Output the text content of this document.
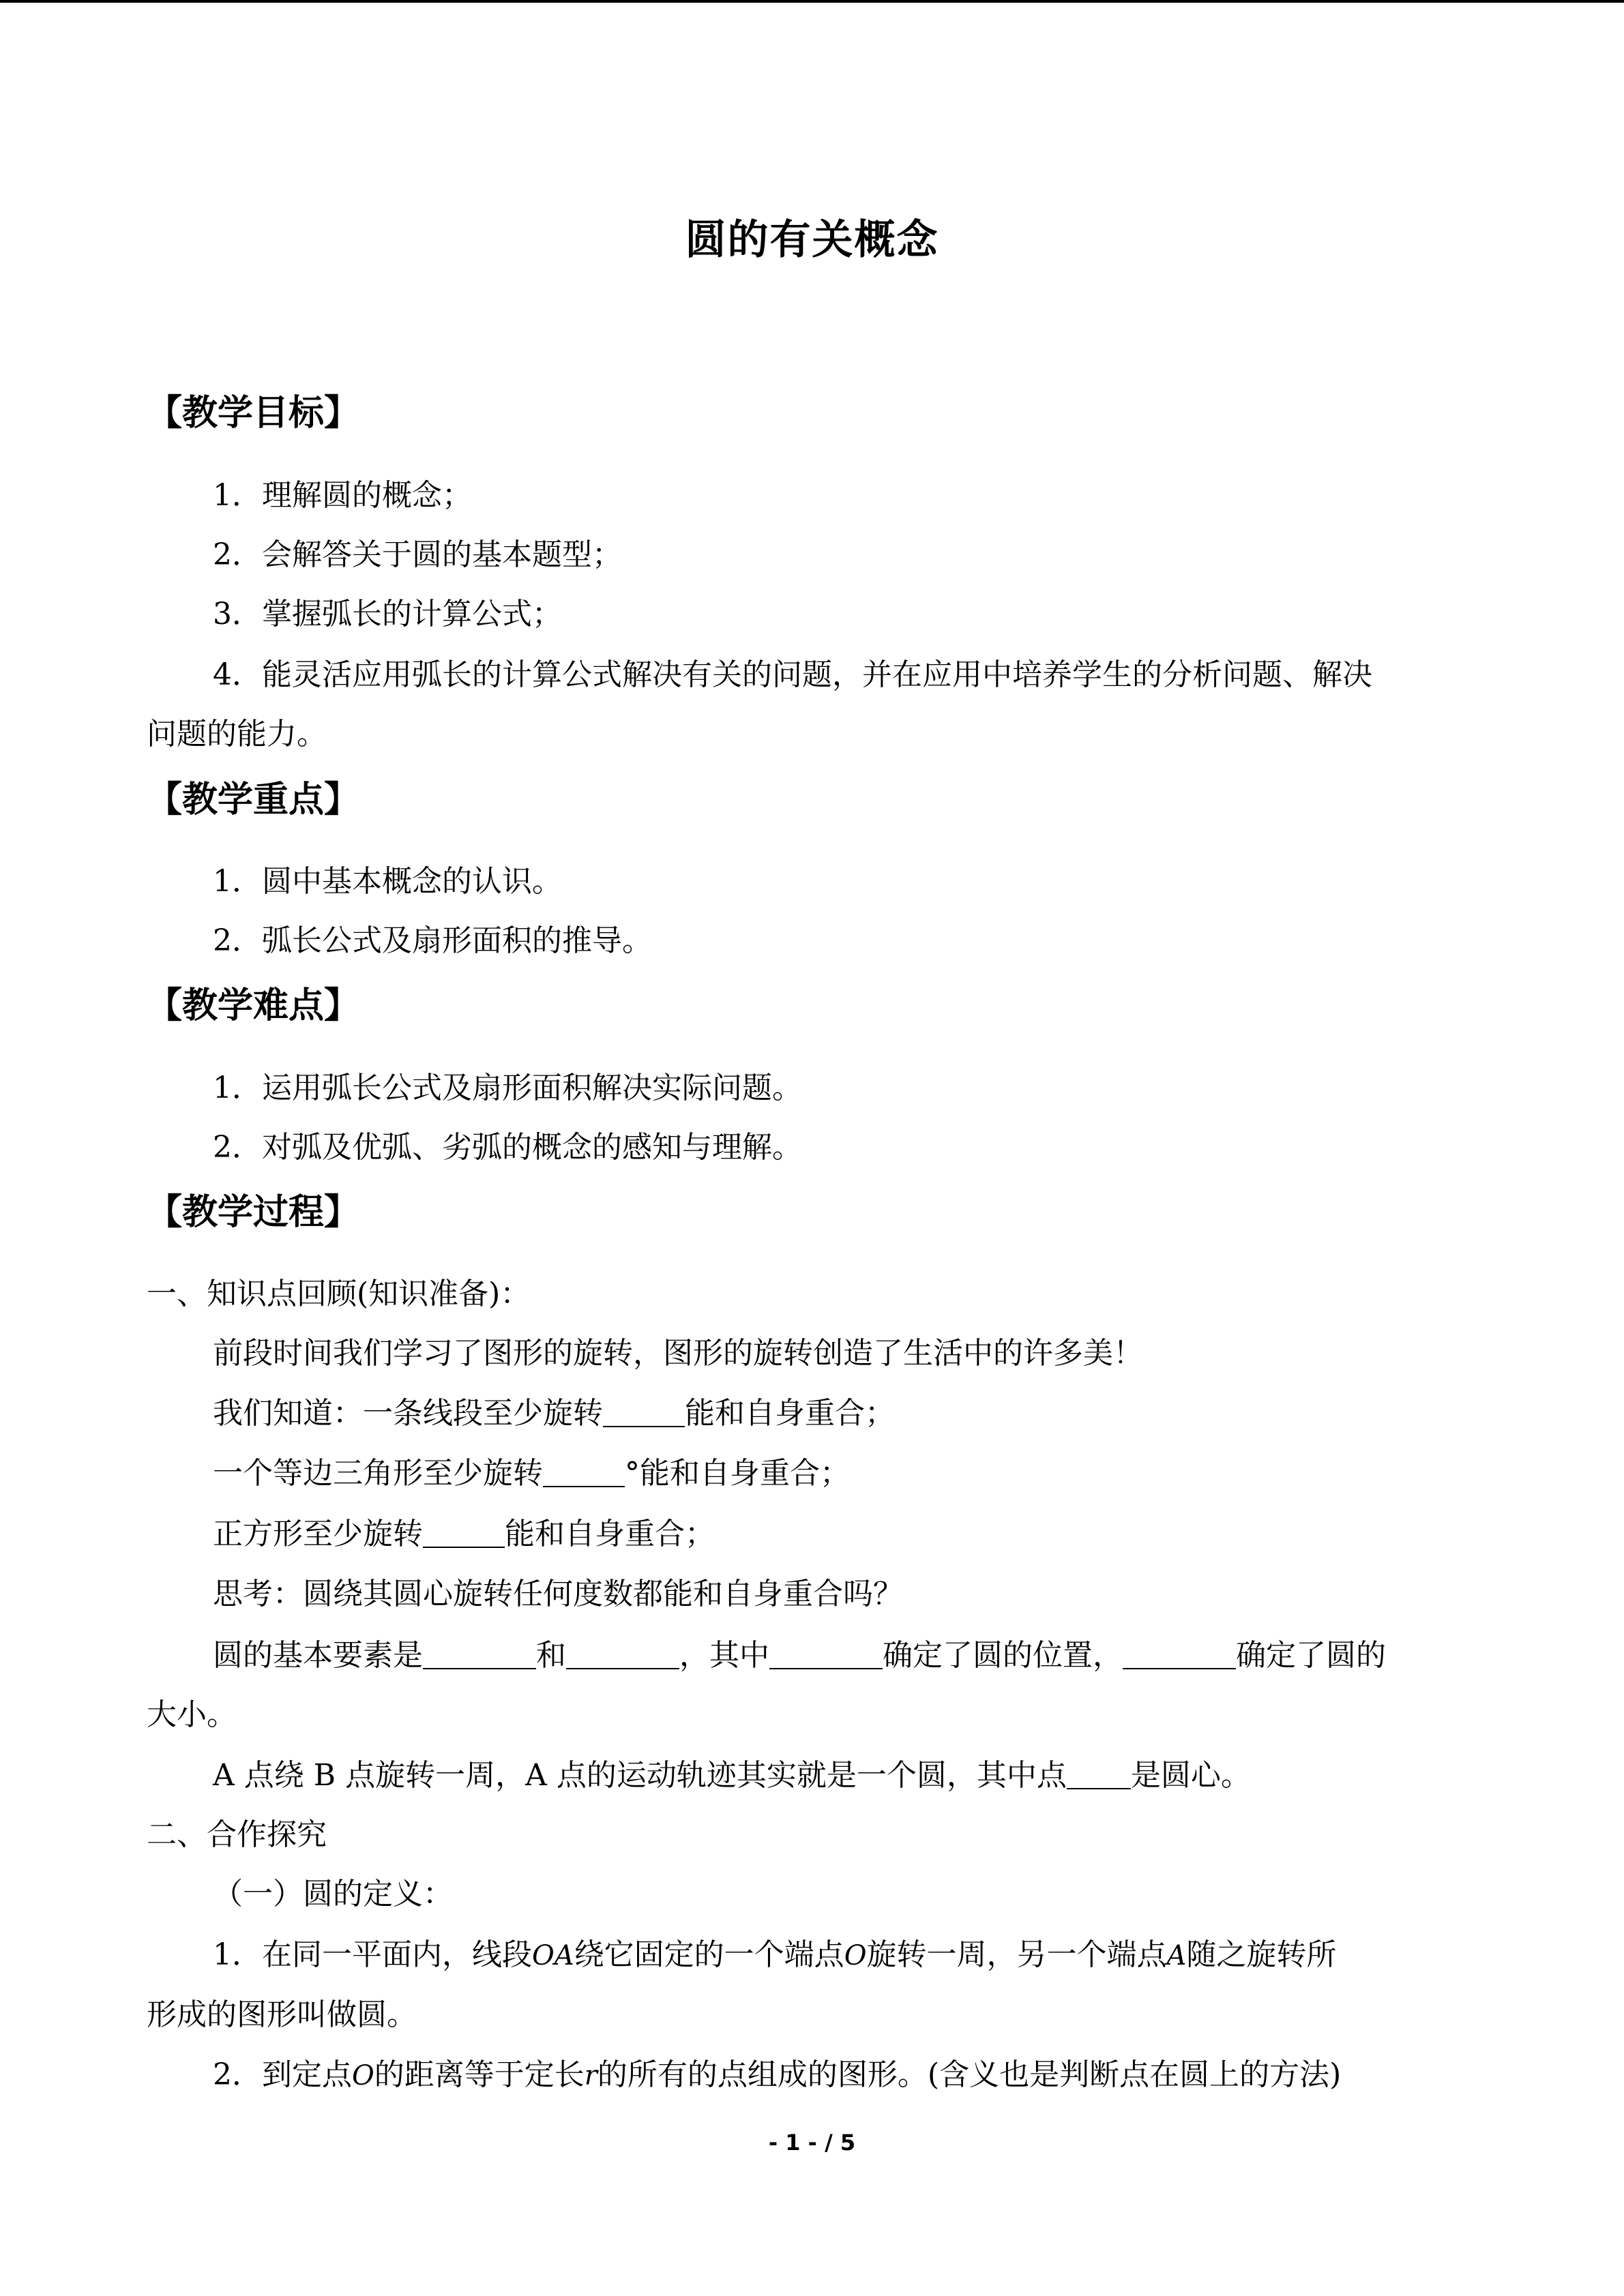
圆的有关概念
【教学目标】
1．理解圆的概念；
2．会解答关于圆的基本题型；
3．掌握弧长的计算公式；
4．能灵活应用弧长的计算公式解决有关的问题，并在应用中培养学生的分析问题、解决
问题的能力。
【教学重点】
1．圆中基本概念的认识。
2．弧长公式及扇形面积的推导。
【教学难点】
1．运用弧长公式及扇形面积解决实际问题。
2．对弧及优弧、劣弧的概念的感知与理解。
【教学过程】
一、知识点回顾(知识准备)：
前段时间我们学习了图形的旋转，图形的旋转创造了生活中的许多美！
我们知道：一条线段至少旋转	能和自身重合；
一个等边三角形至少旋转	°能和自身重合；
正方形至少旋转	能和自身重合；
思考：圆绕其圆心旋转任何度数都能和自身重合吗？
圆的基本要素是	和	，其中	确定了圆的位置，	确定了圆的
大小。
A 点绕 B 点旋转一周，A 点的运动轨迹其实就是一个圆，其中点 是圆心。
二、合作探究
（一）圆的定义：
1．在同一平面内，线段OA绕它固定的一个端点O旋转一周，另一个端点A随之旋转所
形成的图形叫做圆。
2．到定点O的距离等于定长r的所有的点组成的图形。(含义也是判断点在圆上的方法)
- 1 - / 5
